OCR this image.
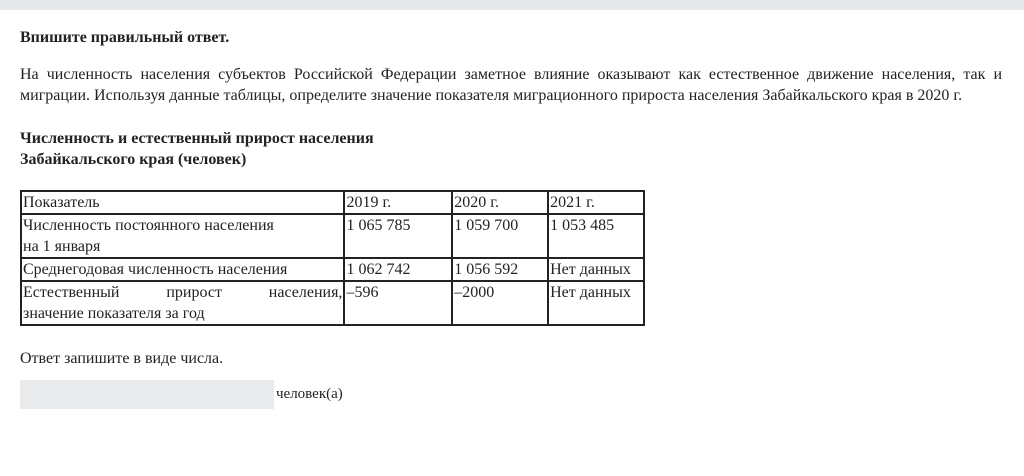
Впишите правильный ответ.

На численность населения субъектов Российской Федерации заметное влияние оказывают как естественное движение населения, так и миграции. Используя данные таблицы, определите значение показателя миграционного прироста населения Забайкальского края в 2020 г.

Численность и естественный прирост населения
Забайкальского края (человек)

Показатель	2019 г.	2020 г.	2021 г.
Численность постоянного населения
на 1 января	1 065 785	1 059 700	1 053 485
Среднегодовая численность населения	1 062 742	1 056 592	Нет данных

Естественный прирост населения,
значение показателя за год	–596	–2000	Нет данных

Ответ запишите в виде числа.

человек(а)
